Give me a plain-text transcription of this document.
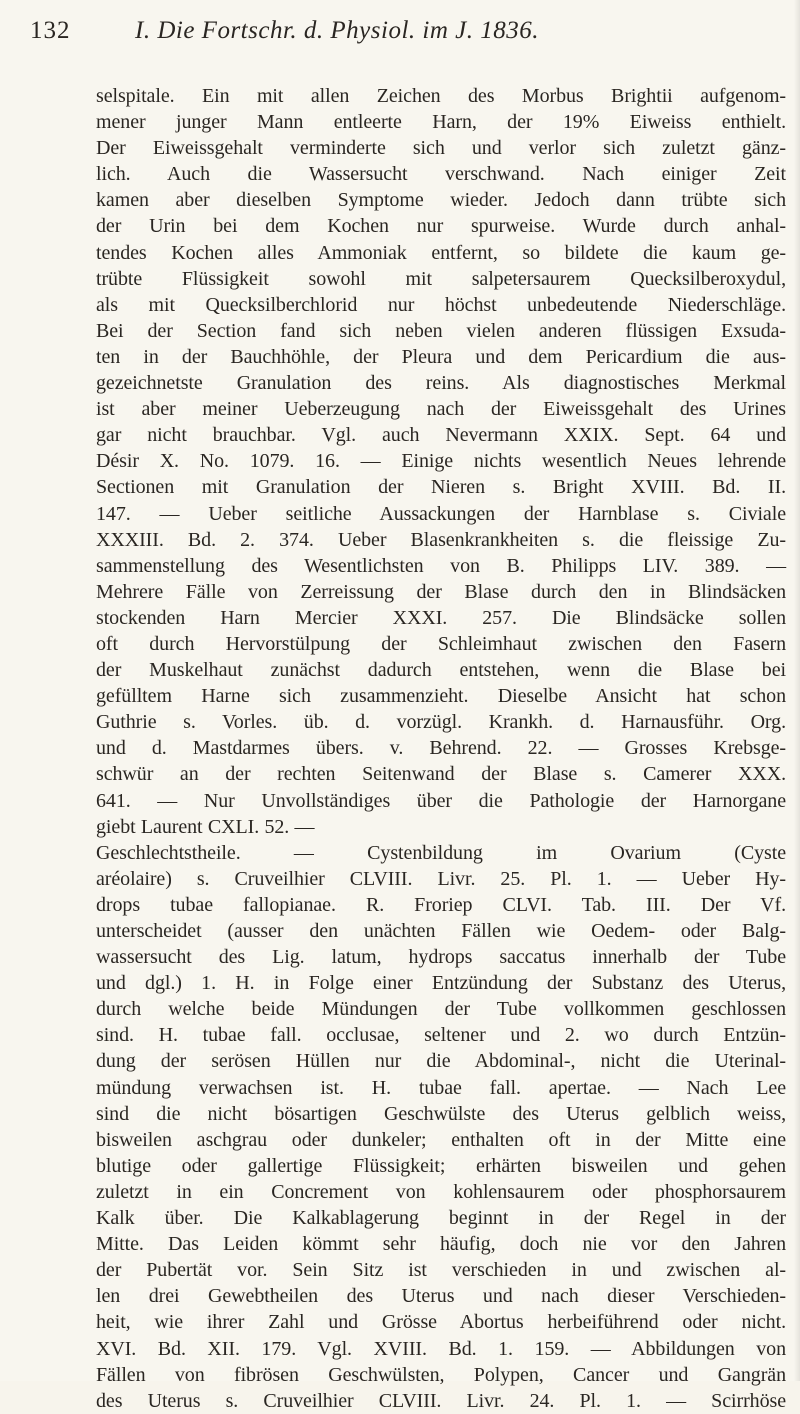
132	I. Die Fortschr. d. Physiol. im J. 1836.
selspitale. Ein mit allen Zeichen des Morbus Brightii aufgenom-
mener junger Mann entleerte Harn, der 19% Eiweiss enthielt.
Der Eiweissgehalt verminderte sich und verlor sich zuletzt gänz-
lich. Auch die Wassersucht verschwand. Nach einiger Zeit
kamen aber dieselben Symptome wieder. Jedoch dann trübte sich
der Urin bei dem Kochen nur spurweise. Wurde durch anhal-
tendes Kochen alles Ammoniak entfernt, so bildete die kaum ge-
trübte Flüssigkeit sowohl mit salpetersaurem Quecksilberoxydul,
als mit Quecksilberchlorid nur höchst unbedeutende Niederschläge.
Bei der Section fand sich neben vielen anderen flüssigen Exsuda-
ten in der Bauchhöhle, der Pleura und dem Pericardium die aus-
gezeichnetste Granulation des reins. Als diagnostisches Merkmal
ist aber meiner Ueberzeugung nach der Eiweissgehalt des Urines
gar nicht brauchbar. Vgl. auch Nevermann XXIX. Sept. 64 und
Désir X. No. 1079. 16. — Einige nichts wesentlich Neues lehrende
Sectionen mit Granulation der Nieren s. Bright XVIII. Bd. II.
147. — Ueber seitliche Aussackungen der Harnblase s. Civiale
XXXIII. Bd. 2. 374. Ueber Blasenkrankheiten s. die fleissige Zu-
sammenstellung des Wesentlichsten von B. Philipps LIV. 389. —
Mehrere Fälle von Zerreissung der Blase durch den in Blindsäcken
stockenden Harn Mercier XXXI. 257. Die Blindsäcke sollen
oft durch Hervorstülpung der Schleimhaut zwischen den Fasern
der Muskelhaut zunächst dadurch entstehen, wenn die Blase bei
gefülltem Harne sich zusammenzieht. Dieselbe Ansicht hat schon
Guthrie s. Vorles. üb. d. vorzügl. Krankh. d. Harnausführ. Org.
und d. Mastdarmes übers. v. Behrend. 22. — Grosses Krebsge-
schwür an der rechten Seitenwand der Blase s. Camerer XXX.
641. — Nur Unvollständiges über die Pathologie der Harnorgane
giebt Laurent CXLI. 52. —
Geschlechtstheile. — Cystenbildung im Ovarium (Cyste
aréolaire) s. Cruveilhier CLVIII. Livr. 25. Pl. 1. — Ueber Hy-
drops tubae fallopianae. R. Froriep CLVI. Tab. III. Der Vf.
unterscheidet (ausser den unächten Fällen wie Oedem- oder Balg-
wassersucht des Lig. latum, hydrops saccatus innerhalb der Tube
und dgl.) 1. H. in Folge einer Entzündung der Substanz des Uterus,
durch welche beide Mündungen der Tube vollkommen geschlossen
sind. H. tubae fall. occlusae, seltener und 2. wo durch Entzün-
dung der serösen Hüllen nur die Abdominal-, nicht die Uterinal-
mündung verwachsen ist. H. tubae fall. apertae. — Nach Lee
sind die nicht bösartigen Geschwülste des Uterus gelblich weiss,
bisweilen aschgrau oder dunkeler; enthalten oft in der Mitte eine
blutige oder gallertige Flüssigkeit; erhärten bisweilen und gehen
zuletzt in ein Concrement von kohlensaurem oder phosphorsaurem
Kalk über. Die Kalkablagerung beginnt in der Regel in der
Mitte. Das Leiden kömmt sehr häufig, doch nie vor den Jahren
der Pubertät vor. Sein Sitz ist verschieden in und zwischen al-
len drei Gewebtheilen des Uterus und nach dieser Verschieden-
heit, wie ihrer Zahl und Grösse Abortus herbeiführend oder nicht.
XVI. Bd. XII. 179. Vgl. XVIII. Bd. 1. 159. — Abbildungen von
Fällen von fibrösen Geschwülsten, Polypen, Cancer und Gangrän
des Uterus s. Cruveilhier CLVIII. Livr. 24. Pl. 1. — Scirrhöse
